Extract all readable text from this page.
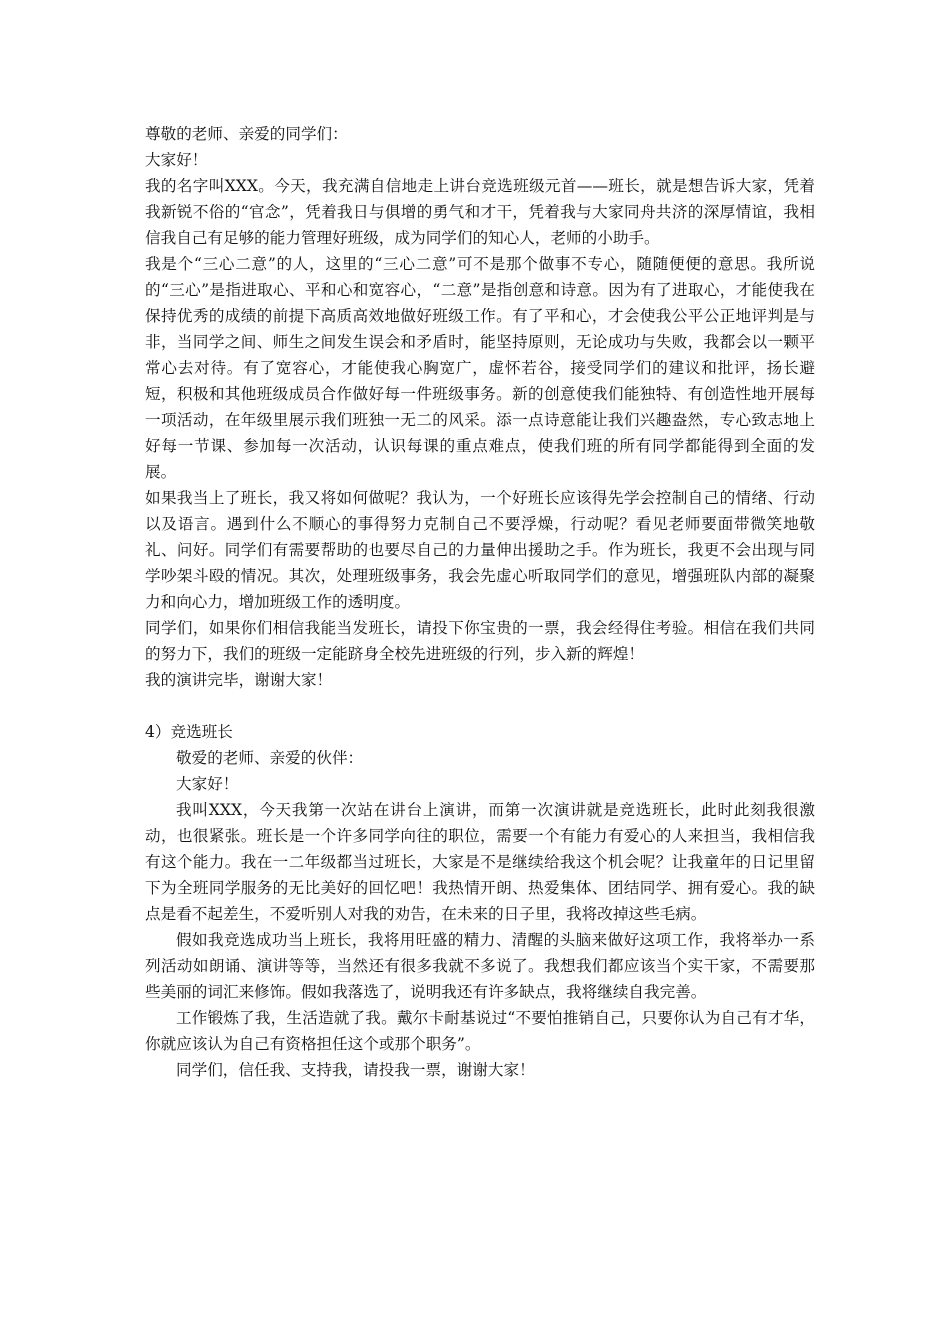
尊敬的老师、亲爱的同学们：

大家好！

我的名字叫XXX。今天，我充满自信地走上讲台竞选班级元首——班长，就是想告诉大家，凭着我新锐不俗的“官念”，凭着我日与俱增的勇气和才干，凭着我与大家同舟共济的深厚情谊，我相信我自己有足够的能力管理好班级，成为同学们的知心人，老师的小助手。

我是个“三心二意”的人，这里的“三心二意”可不是那个做事不专心，随随便便的意思。我所说的“三心”是指进取心、平和心和宽容心，“二意”是指创意和诗意。因为有了进取心，才能使我在保持优秀的成绩的前提下高质高效地做好班级工作。有了平和心，才会使我公平公正地评判是与非，当同学之间、师生之间发生误会和矛盾时，能坚持原则，无论成功与失败，我都会以一颗平常心去对待。有了宽容心，才能使我心胸宽广，虚怀若谷，接受同学们的建议和批评，扬长避短，积极和其他班级成员合作做好每一件班级事务。新的创意使我们能独特、有创造性地开展每一项活动，在年级里展示我们班独一无二的风采。添一点诗意能让我们兴趣盎然，专心致志地上好每一节课、参加每一次活动，认识每课的重点难点，使我们班的所有同学都能得到全面的发展。

如果我当上了班长，我又将如何做呢？我认为，一个好班长应该得先学会控制自己的情绪、行动以及语言。遇到什么不顺心的事得努力克制自己不要浮燥，行动呢？看见老师要面带微笑地敬礼、问好。同学们有需要帮助的也要尽自己的力量伸出援助之手。作为班长，我更不会出现与同学吵架斗殴的情况。其次，处理班级事务，我会先虚心听取同学们的意见，增强班队内部的凝聚力和向心力，增加班级工作的透明度。

同学们，如果你们相信我能当发班长，请投下你宝贵的一票，我会经得住考验。相信在我们共同的努力下，我们的班级一定能跻身全校先进班级的行列，步入新的辉煌！

我的演讲完毕，谢谢大家！

4）竞选班长

敬爱的老师、亲爱的伙伴：

大家好！

我叫XXX，今天我第一次站在讲台上演讲，而第一次演讲就是竞选班长，此时此刻我很激动，也很紧张。班长是一个许多同学向往的职位，需要一个有能力有爱心的人来担当，我相信我有这个能力。我在一二年级都当过班长，大家是不是继续给我这个机会呢？让我童年的日记里留下为全班同学服务的无比美好的回忆吧！我热情开朗、热爱集体、团结同学、拥有爱心。我的缺点是看不起差生，不爱听别人对我的劝告，在未来的日子里，我将改掉这些毛病。

假如我竞选成功当上班长，我将用旺盛的精力、清醒的头脑来做好这项工作，我将举办一系列活动如朗诵、演讲等等，当然还有很多我就不多说了。我想我们都应该当个实干家，不需要那些美丽的词汇来修饰。假如我落选了，说明我还有许多缺点，我将继续自我完善。

工作锻炼了我，生活造就了我。戴尔卡耐基说过“不要怕推销自己，只要你认为自己有才华，你就应该认为自己有资格担任这个或那个职务”。

同学们，信任我、支持我，请投我一票，谢谢大家！
